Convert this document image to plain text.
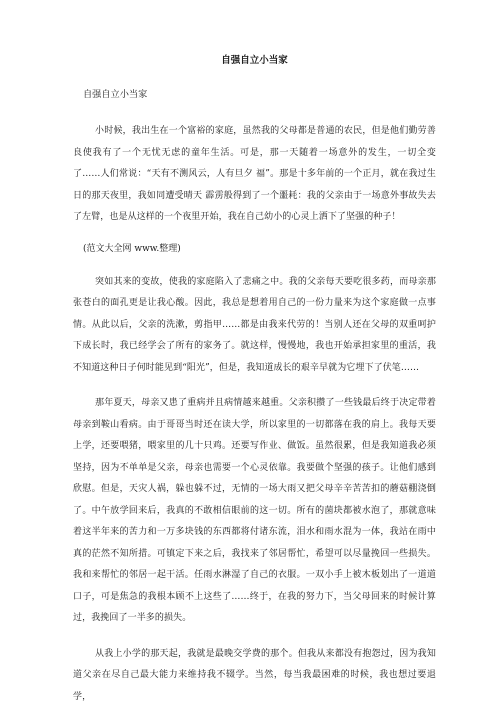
自强自立小当家
自强自立小当家

小时候，我出生在一个富裕的家庭，虽然我的父母都是普通的农民，但是他们勤劳善良使我有了一个无忧无虑的童年生活。可是，那一天随着一场意外的发生，一切全变了……人们常说：“天有不测风云，人有旦夕 福”。那是十多年前的一个正月，就在我过生日的那天夜里，我如同遭受晴天 霹雳般得到了一个噩耗：我的父亲由于一场意外事故失去了左臂，也是从这样的一个夜里开始，我在自己幼小的心灵上洒下了坚强的种子！

(范文大全网 www.整理)

突如其来的变故，使我的家庭陷入了悲痛之中。我的父亲每天要吃很多药，而母亲那张苍白的面孔更是让我心酸。因此，我总是想着用自己的一份力量来为这个家庭做一点事情。从此以后，父亲的洗漱，剪指甲……都是由我来代劳的！当别人还在父母的双重呵护下成长时，我已经学会了所有的家务了。就这样，慢慢地，我也开始承担家里的重活，我不知道这种日子何时能见到“阳光”，但是，我知道成长的艰辛早就为它埋下了伏笔……

那年夏天，母亲又患了重病并且病情越来越重。父亲积攒了一些钱最后终于决定带着母亲到鞍山看病。由于哥哥当时还在读大学，所以家里的一切都落在我的肩上。我每天要上学，还要喂猪，喂家里的几十只鸡。还要写作业、做饭。虽然很累，但是我知道我必须坚持，因为不单单是父亲，母亲也需要一个心灵依靠。我要做个坚强的孩子。让他们感到欣慰。但是，天灾人祸，躲也躲不过，无情的一场大雨又把父母辛辛苦苦扣的蘑菇棚浇倒了。中午放学回来后，我真的不敢相信眼前的这一切。所有的菌块都被水泡了，那就意味着这半年来的苦力和一万多块钱的东西都将付诸东流，泪水和雨水混为一体，我站在雨中真的茫然不知所措。可镇定下来之后，我找来了邻居帮忙，希望可以尽量挽回一些损失。我和来帮忙的邻居一起干活。任雨水淋湿了自己的衣服。一双小手上被木板划出了一道道口子，可是焦急的我根本顾不上这些了……终于，在我的努力下，当父母回来的时候计算过，我挽回了一半多的损失。

从我上小学的那天起，我就是最晚交学费的那个。但我从来都没有抱怨过，因为我知道父亲在尽自己最大能力来维持我不辍学。当然，每当我最困难的时候，我也想过要退学，
